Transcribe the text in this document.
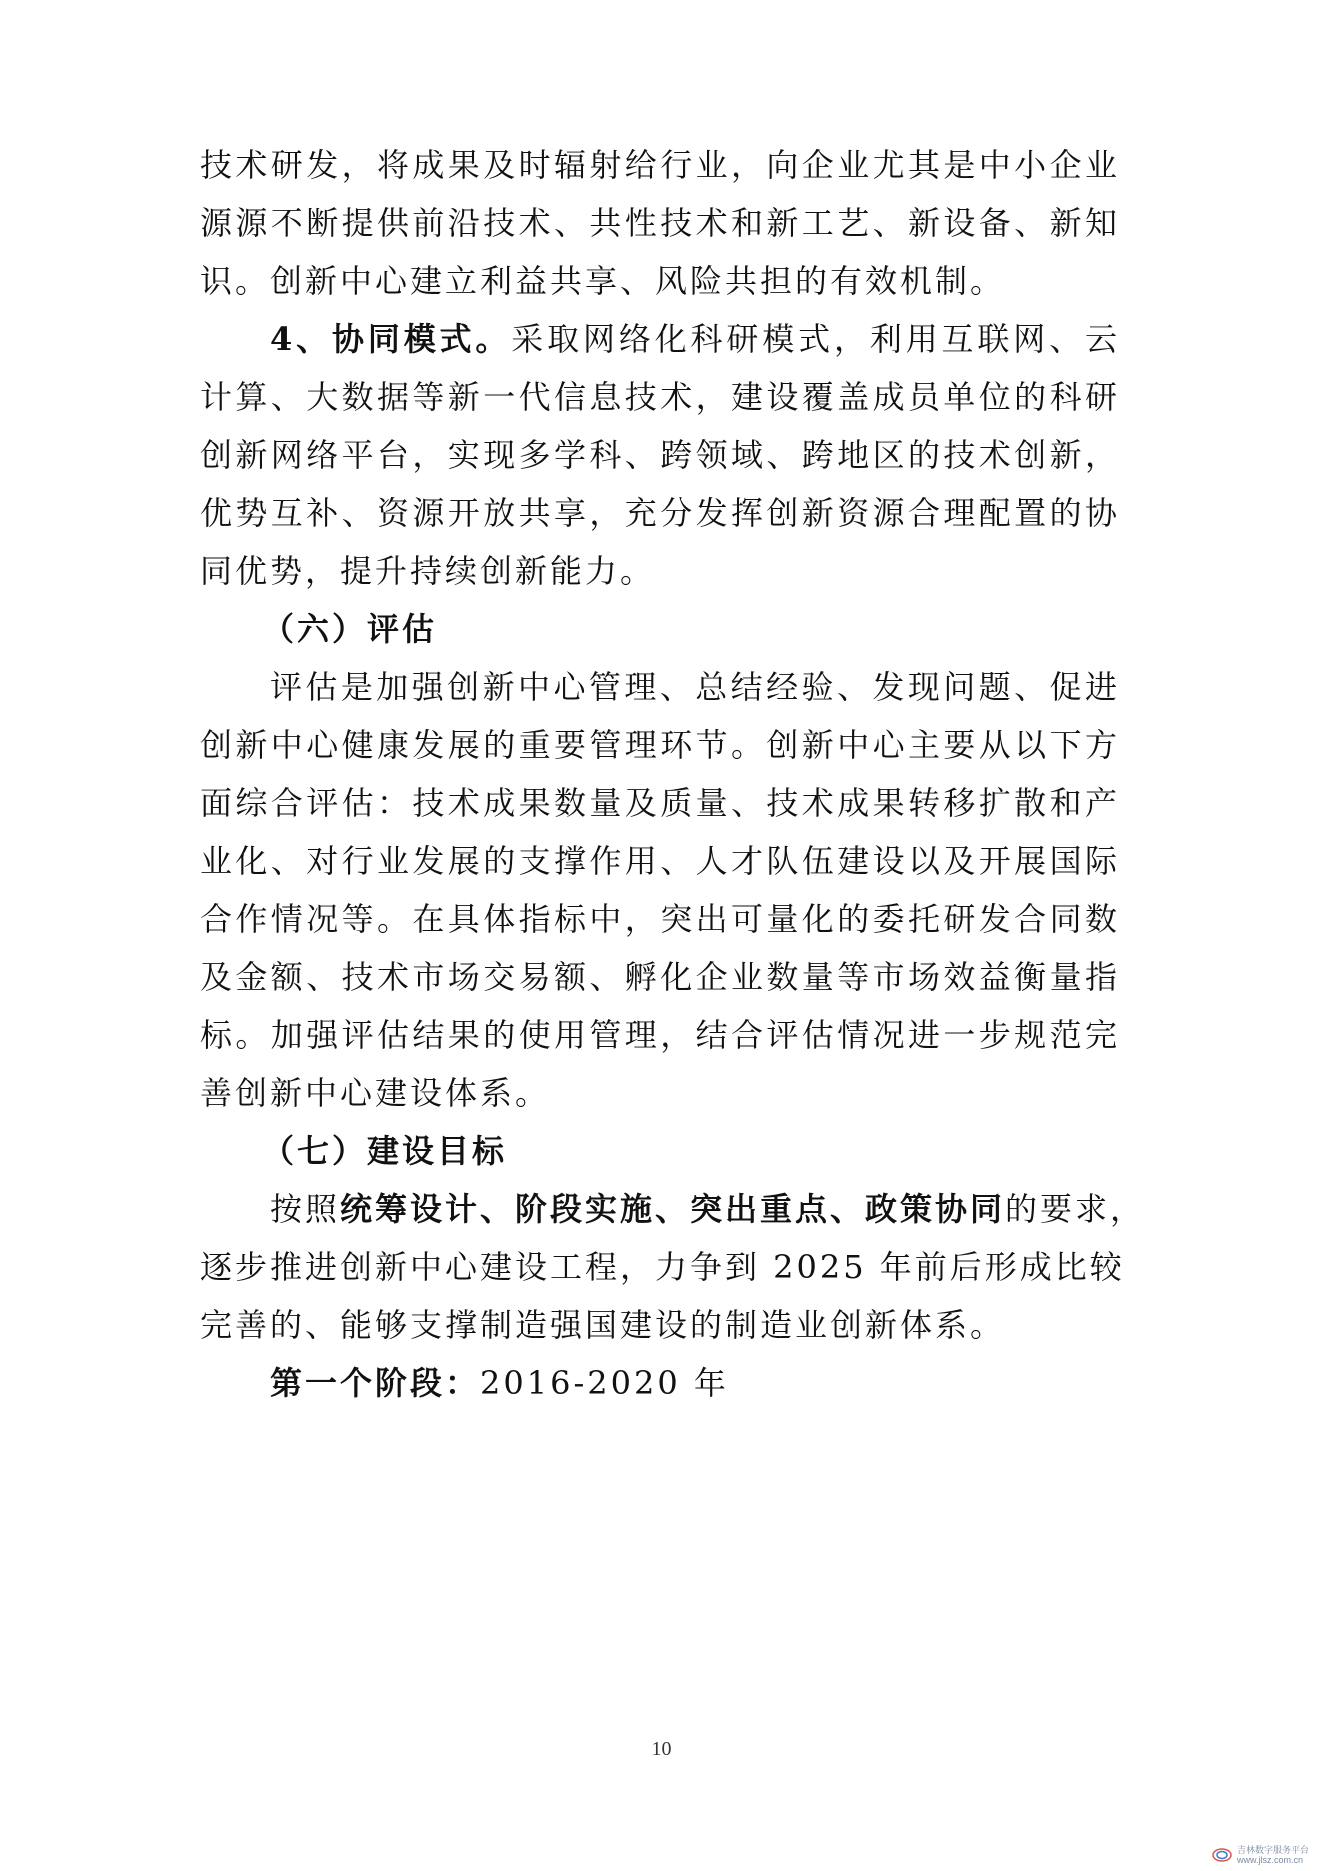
技术研发，将成果及时辐射给行业，向企业尤其是中小企业
源源不断提供前沿技术、共性技术和新工艺、新设备、新知
识。创新中心建立利益共享、风险共担的有效机制。
4、协同模式。采取网络化科研模式，利用互联网、云
计算、大数据等新一代信息技术，建设覆盖成员单位的科研
创新网络平台，实现多学科、跨领域、跨地区的技术创新，
优势互补、资源开放共享，充分发挥创新资源合理配置的协
同优势，提升持续创新能力。
（六）评估
评估是加强创新中心管理、总结经验、发现问题、促进
创新中心健康发展的重要管理环节。创新中心主要从以下方
面综合评估：技术成果数量及质量、技术成果转移扩散和产
业化、对行业发展的支撑作用、人才队伍建设以及开展国际
合作情况等。在具体指标中，突出可量化的委托研发合同数
及金额、技术市场交易额、孵化企业数量等市场效益衡量指
标。加强评估结果的使用管理，结合评估情况进一步规范完
善创新中心建设体系。
（七）建设目标
按照统筹设计、阶段实施、突出重点、政策协同的要求，
逐步推进创新中心建设工程，力争到 2025 年前后形成比较
完善的、能够支撑制造强国建设的制造业创新体系。
第一个阶段：2016-2020 年
10
吉林数字服务平台
www.jlsz.com.cn
